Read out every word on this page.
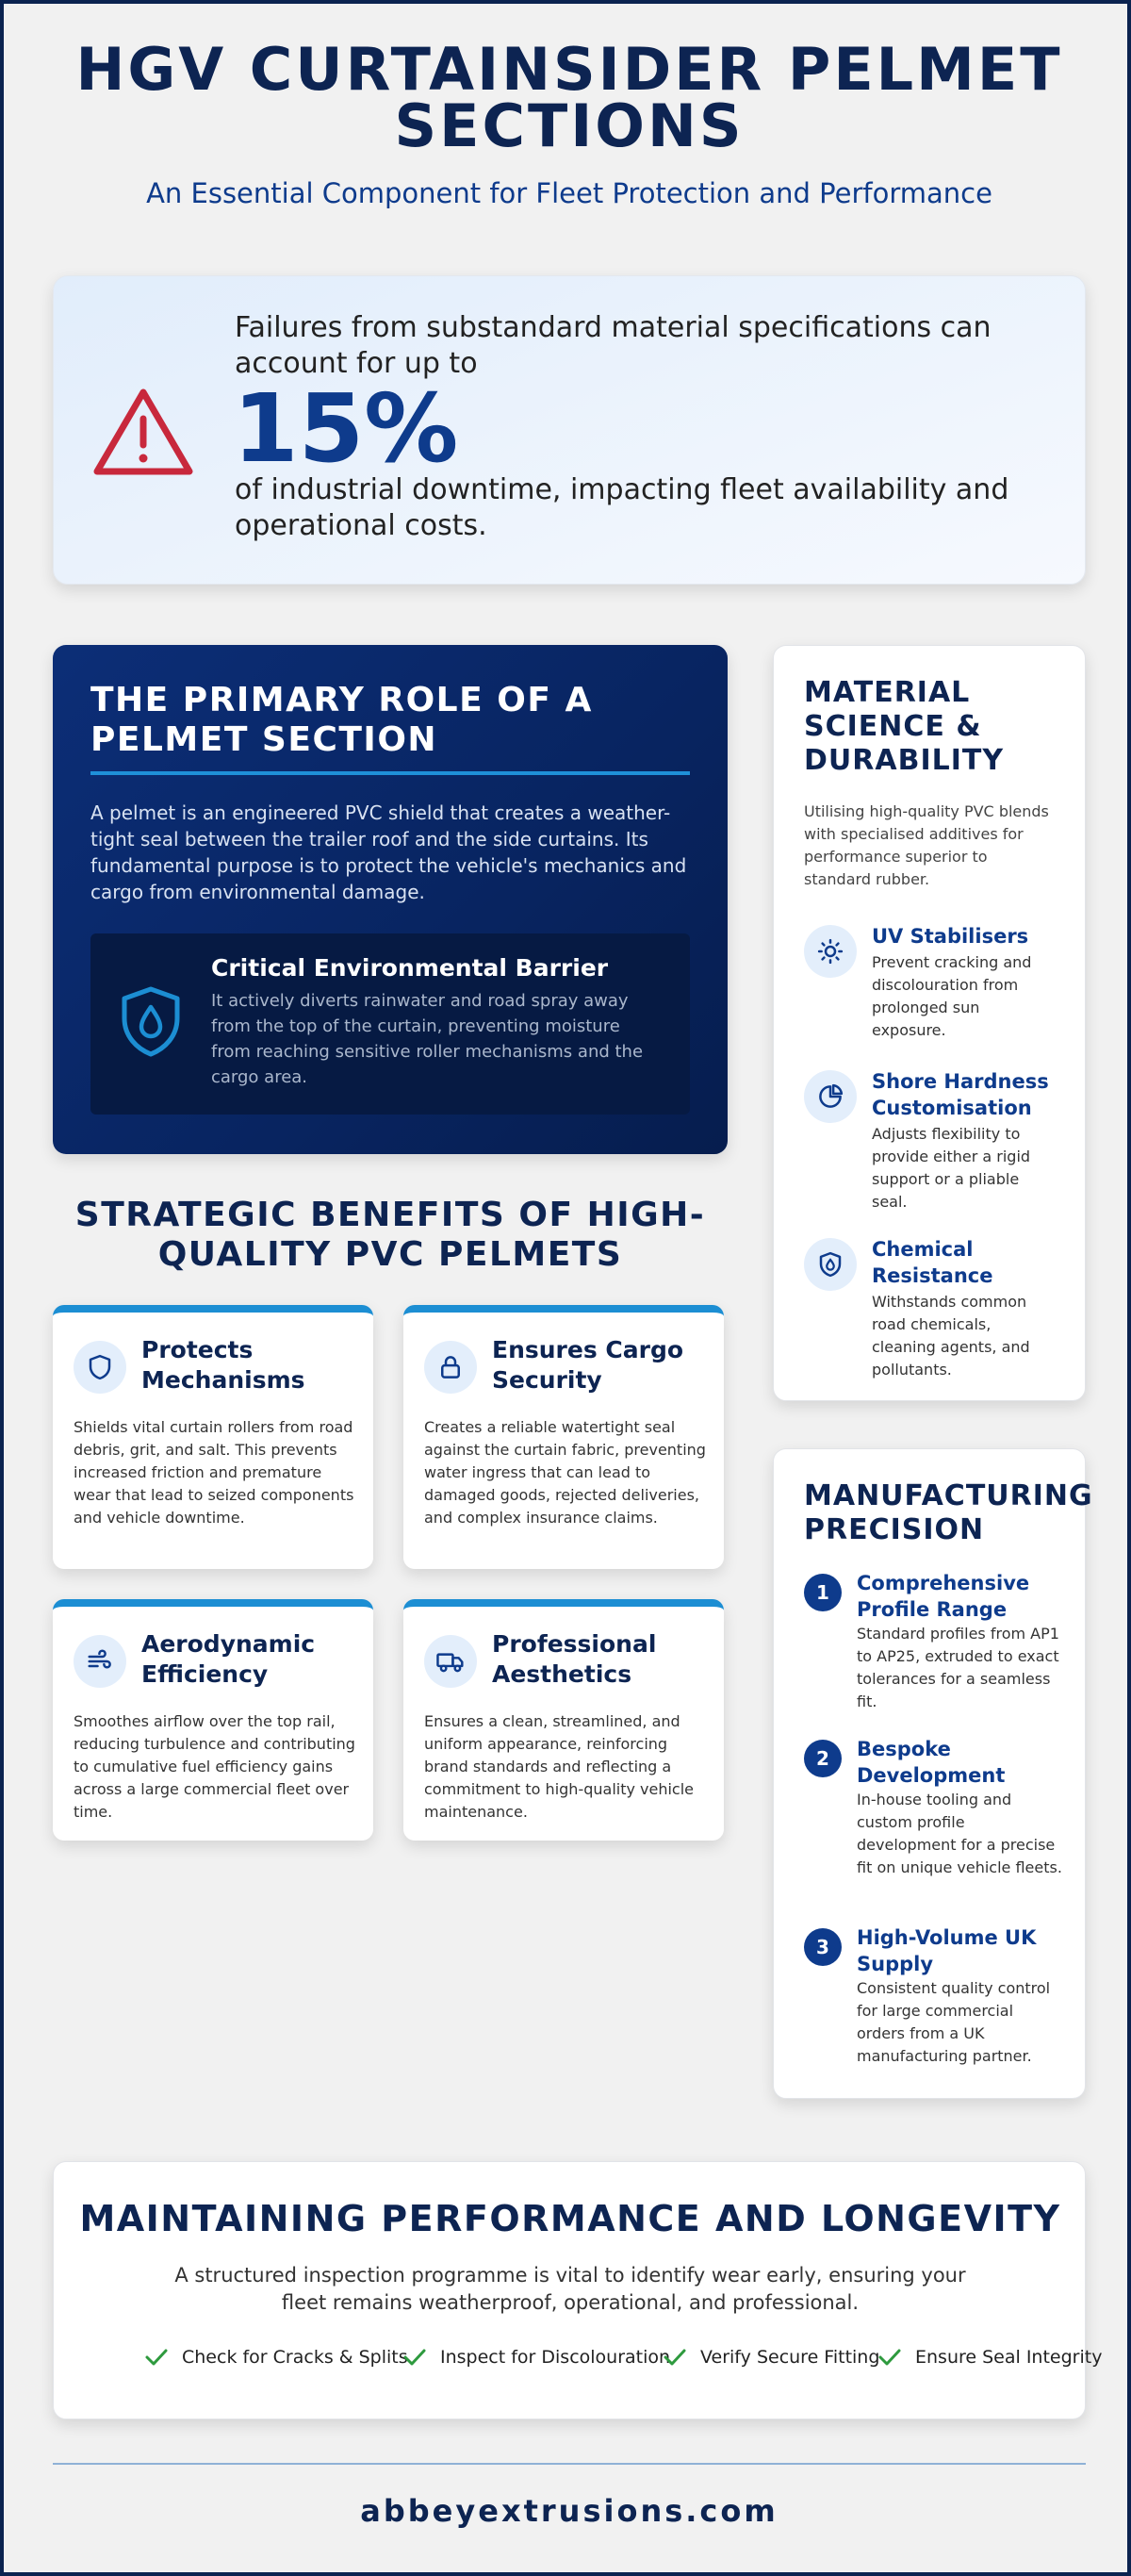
HGV CURTAINSIDER PELMET
SECTIONS
An Essential Component for Fleet Protection and Performance
Failures from substandard material specifications can account for up to
15%
of industrial downtime, impacting fleet availability and operational costs.
THE PRIMARY ROLE OF A PELMET SECTION
A pelmet is an engineered PVC shield that creates a weather-tight seal between the trailer roof and the side curtains. Its fundamental purpose is to protect the vehicle's mechanics and cargo from environmental damage.
Critical Environmental Barrier
It actively diverts rainwater and road spray away from the top of the curtain, preventing moisture from reaching sensitive roller mechanisms and the cargo area.
STRATEGIC BENEFITS OF HIGH-QUALITY PVC PELMETS
Protects Mechanisms
Shields vital curtain rollers from road debris, grit, and salt. This prevents increased friction and premature wear that lead to seized components and vehicle downtime.
Ensures Cargo Security
Creates a reliable watertight seal against the curtain fabric, preventing water ingress that can lead to damaged goods, rejected deliveries, and complex insurance claims.
Aerodynamic Efficiency
Smoothes airflow over the top rail, reducing turbulence and contributing to cumulative fuel efficiency gains across a large commercial fleet over time.
Professional Aesthetics
Ensures a clean, streamlined, and uniform appearance, reinforcing brand standards and reflecting a commitment to high-quality vehicle maintenance.
MATERIAL SCIENCE & DURABILITY
Utilising high-quality PVC blends with specialised additives for performance superior to standard rubber.
UV Stabilisers
Prevent cracking and discolouration from prolonged sun exposure.
Shore Hardness Customisation
Adjusts flexibility to provide either a rigid support or a pliable seal.
Chemical Resistance
Withstands common road chemicals, cleaning agents, and pollutants.
MANUFACTURING PRECISION
1	Comprehensive Profile Range
Standard profiles from AP1 to AP25, extruded to exact tolerances for a seamless fit.
2	Bespoke Development
In-house tooling and custom profile development for a precise fit on unique vehicle fleets.
3	High-Volume UK Supply
Consistent quality control for large commercial orders from a UK manufacturing partner.
MAINTAINING PERFORMANCE AND LONGEVITY
A structured inspection programme is vital to identify wear early, ensuring your fleet remains weatherproof, operational, and professional.
Check for Cracks & Splits Inspect for Discolouration Verify Secure Fitting Ensure Seal Integrity
abbeyextrusions.com
